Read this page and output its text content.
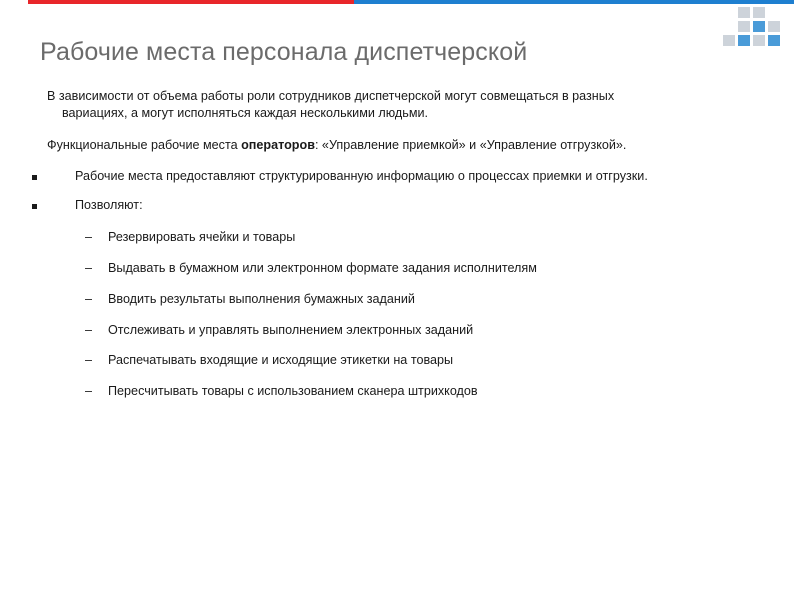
Рабочие места персонала диспетчерской
В зависимости от объема работы роли сотрудников диспетчерской могут совмещаться в разных
вариациях, а могут исполняться каждая несколькими людьми.
Функциональные рабочие места операторов: «Управление приемкой» и «Управление отгрузкой».
Рабочие места предоставляют структурированную информацию о процессах приемки и отгрузки.
Позволяют:
– Резервировать ячейки и товары
– Выдавать в бумажном или электронном формате задания исполнителям
– Вводить результаты выполнения бумажных заданий
– Отслеживать и управлять выполнением электронных заданий
– Распечатывать входящие и исходящие этикетки на товары
– Пересчитывать товары с использованием сканера штрихкодов
